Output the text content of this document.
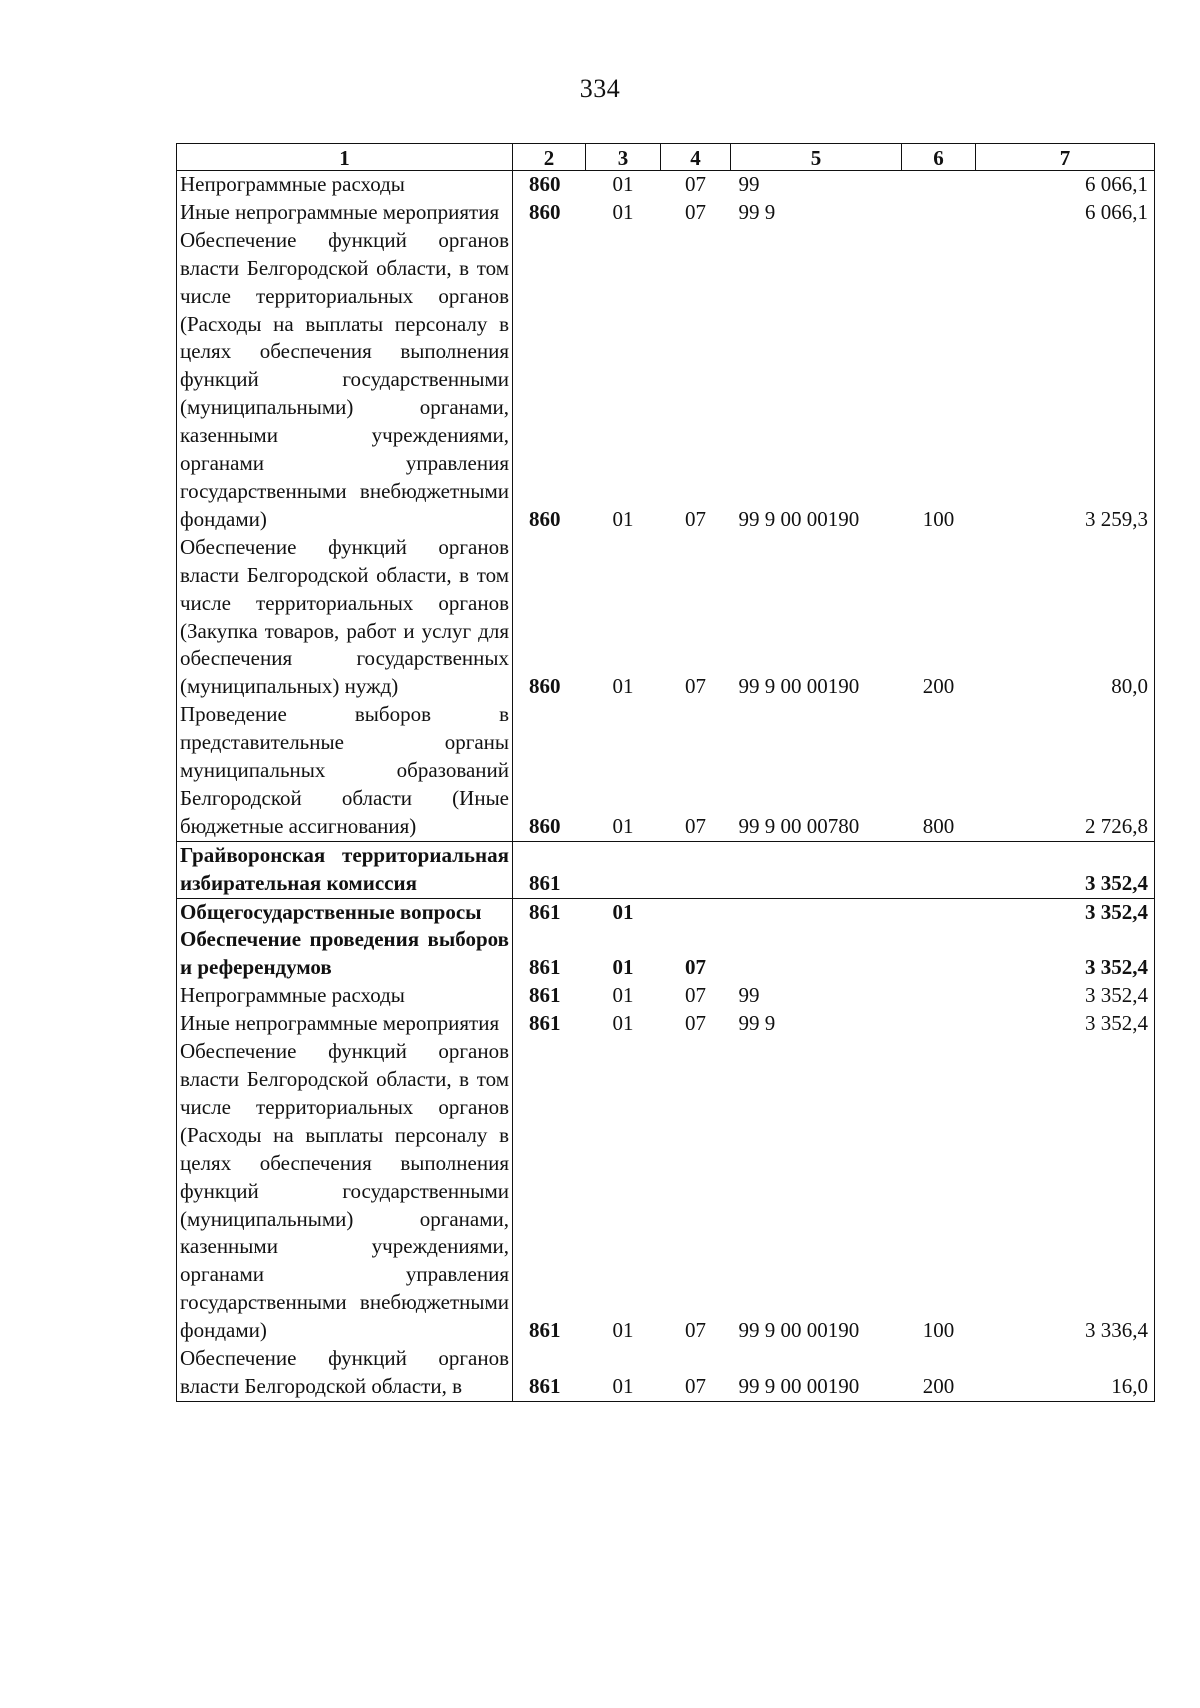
334
1	2	3	4	5	6	7
Непрограммные расходы	860	01	07	99		6 066,1
Иные непрограммные мероприятия	860	01	07	99 9		6 066,1
Обеспечение функций органов власти Белгородской области, в том числе территориальных органов (Расходы на выплаты персоналу в целях обеспечения выполнения функций государственными (муниципальными) органами, казенными учреждениями, органами управления государственными внебюджетными фондами)	860	01	07	99 9 00 00190	100	3 259,3
Обеспечение функций органов власти Белгородской области, в том числе территориальных органов (Закупка товаров, работ и услуг для обеспечения государственных (муниципальных) нужд)	860	01	07	99 9 00 00190	200	80,0
Проведение выборов в представительные органы муниципальных образований Белгородской области (Иные бюджетные ассигнования)	860	01	07	99 9 00 00780	800	2 726,8
Грайворонская территориальная избирательная комиссия	861					3 352,4
Общегосударственные вопросы	861	01				3 352,4
Обеспечение проведения выборов и референдумов	861	01	07			3 352,4
Непрограммные расходы	861	01	07	99		3 352,4
Иные непрограммные мероприятия	861	01	07	99 9		3 352,4
Обеспечение функций органов власти Белгородской области, в том числе территориальных органов (Расходы на выплаты персоналу в целях обеспечения выполнения функций государственными (муниципальными) органами, казенными учреждениями, органами управления государственными внебюджетными фондами)	861	01	07	99 9 00 00190	100	3 336,4
Обеспечение функций органов власти Белгородской области, в	861	01	07	99 9 00 00190	200	16,0
